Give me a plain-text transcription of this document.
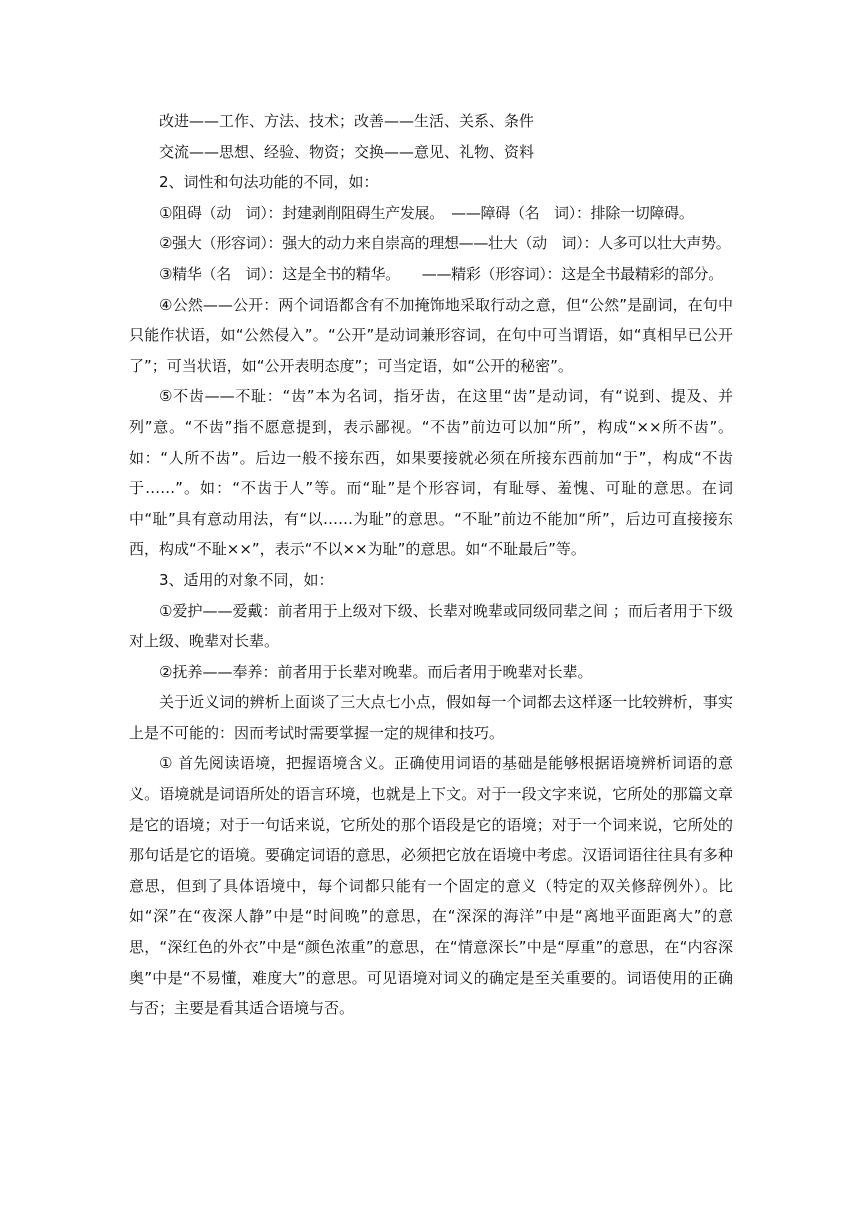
改进——工作、方法、技术；改善——生活、关系、条件

交流——思想、经验、物资；交换——意见、礼物、资料

2、词性和句法功能的不同，如：

①阻碍（动　词）：封建剥削阻碍生产发展。　——障碍（名　词）：排除一切障碍。

②强大（形容词）：强大的动力来自崇高的理想——壮大（动　词）：人多可以壮大声势。

③精华（名　词）：这是全书的精华。　　——精彩（形容词）：这是全书最精彩的部分。

④公然——公开：两个词语都含有不加掩饰地采取行动之意，但“公然”是副词，在句中只能作状语，如“公然侵入”。“公开”是动词兼形容词，在句中可当谓语，如“真相早已公开了”；可当状语，如“公开表明态度”；可当定语，如“公开的秘密”。

⑤不齿——不耻：“齿”本为名词，指牙齿，在这里“齿”是动词，有“说到、提及、并列”意。“不齿”指不愿意提到，表示鄙视。“不齿”前边可以加“所”，构成“××所不齿”。如：“人所不齿”。后边一般不接东西，如果要接就必须在所接东西前加“于”，构成“不齿于……”。如：“不齿于人”等。而“耻”是个形容词，有耻辱、羞愧、可耻的意思。在词中“耻”具有意动用法，有“以……为耻”的意思。“不耻”前边不能加“所”，后边可直接接东西，构成“不耻××”，表示“不以××为耻”的意思。如“不耻最后”等。

3、适用的对象不同，如：

①爱护——爱戴：前者用于上级对下级、长辈对晚辈或同级同辈之间 ；而后者用于下级对上级、晚辈对长辈。

②抚养——奉养：前者用于长辈对晚辈。而后者用于晚辈对长辈。

关于近义词的辨析上面谈了三大点七小点，假如每一个词都去这样逐一比较辨析，事实上是不可能的：因而考试时需要掌握一定的规律和技巧。

① 首先阅读语境，把握语境含义。正确使用词语的基础是能够根据语境辨析词语的意义。语境就是词语所处的语言环境，也就是上下文。对于一段文字来说，它所处的那篇文章是它的语境；对于一句话来说，它所处的那个语段是它的语境；对于一个词来说，它所处的那句话是它的语境。要确定词语的意思，必须把它放在语境中考虑。汉语词语往往具有多种意思，但到了具体语境中，每个词都只能有一个固定的意义（特定的双关修辞例外）。比如“深”在“夜深人静”中是“时间晚”的意思，在“深深的海洋”中是“离地平面距离大”的意思，“深红色的外衣”中是“颜色浓重”的意思，在“情意深长”中是“厚重”的意思，在“内容深奥”中是“不易懂，难度大”的意思。可见语境对词义的确定是至关重要的。词语使用的正确与否；主要是看其适合语境与否。
